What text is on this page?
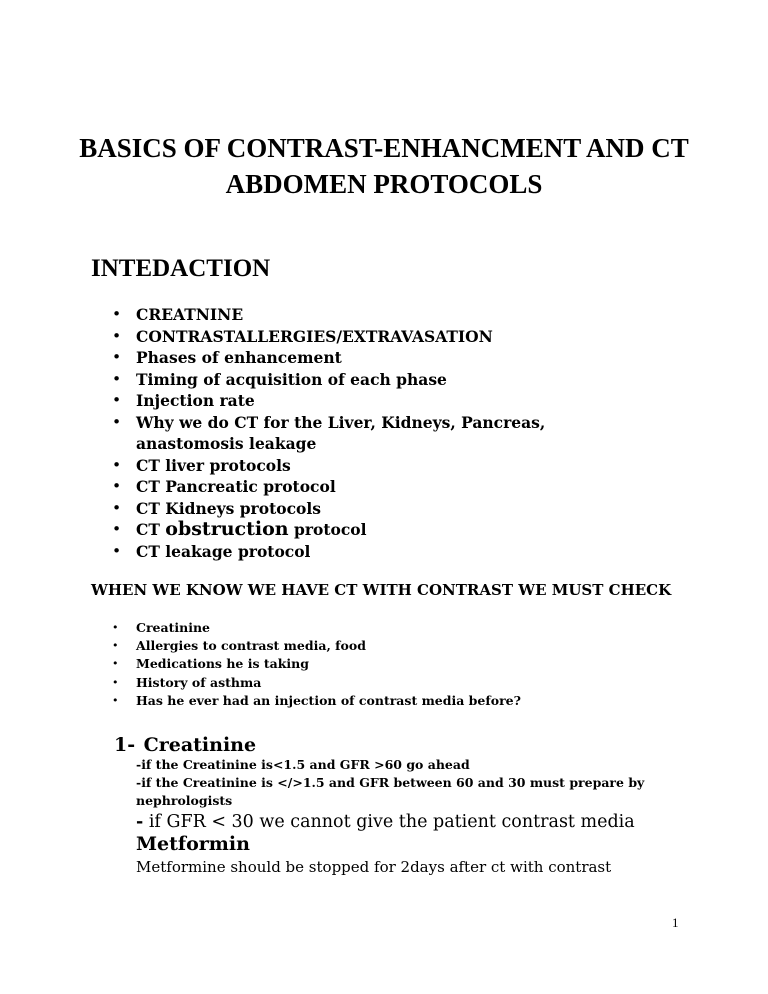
BASICS OF CONTRAST-ENHANCMENT AND CT ABDOMEN PROTOCOLS
INTEDACTION
• CREATNINE
• CONTRASTALLERGIES/EXTRAVASATION
• Phases of enhancement
• Timing of acquisition of each phase
• Injection rate
• Why we do CT for the Liver, Kidneys, Pancreas, anastomosis leakage
• CT liver protocols
• CT Pancreatic protocol
• CT Kidneys protocols
• CT obstruction protocol
• CT leakage protocol
WHEN WE KNOW WE HAVE CT WITH CONTRAST WE MUST CHECK
• Creatinine
• Allergies to contrast media, food
• Medications he is taking
• History of asthma
• Has he ever had an injection of contrast media before?
1- Creatinine
-if the Creatinine is<1.5 and GFR >60 go ahead
-if the Creatinine is </>1.5 and GFR between 60 and 30 must prepare by nephrologists
- if GFR < 30 we cannot give the patient contrast media
Metformin
Metformine should be stopped for 2days after ct with contrast
1
